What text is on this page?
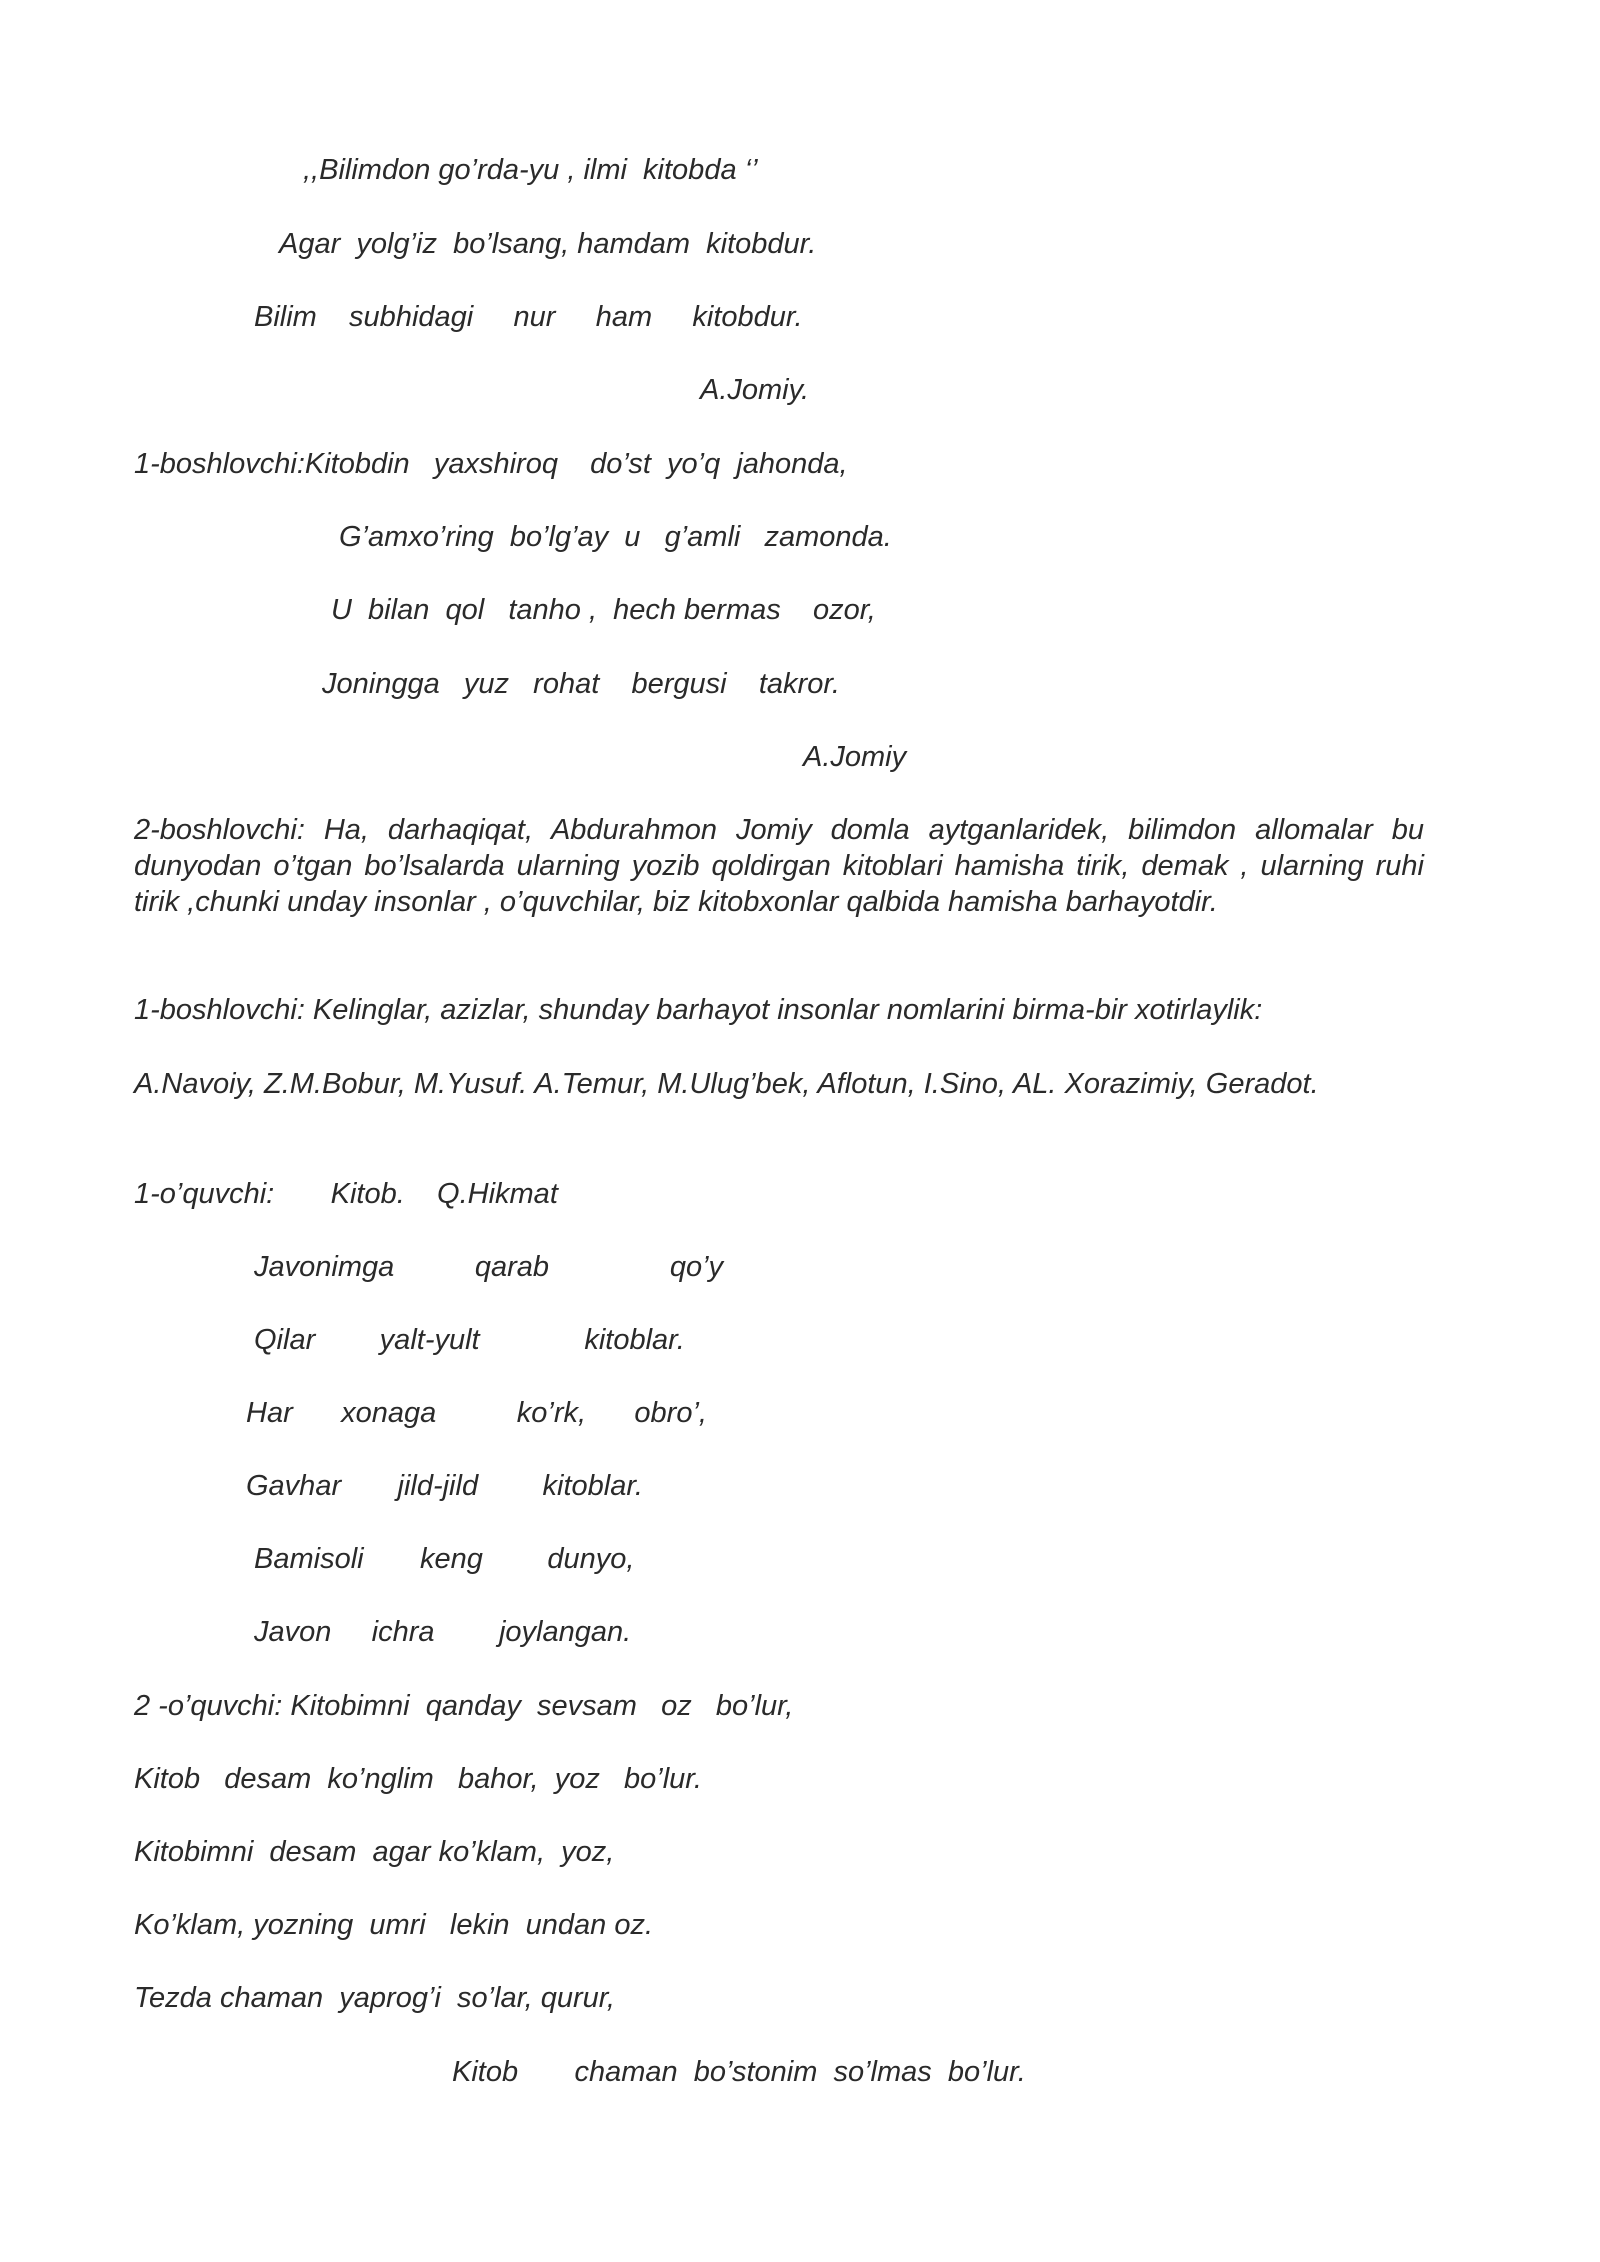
,,Bilimdon go’rda-yu , ilmi  kitobda ‘’
Agar  yolg’iz  bo’lsang, hamdam  kitobdur.
Bilim    subhidagi     nur     ham     kitobdur.
A.Jomiy.
1-boshlovchi:Kitobdin   yaxshiroq    do’st  yo’q  jahonda,
G’amxo’ring  bo’lg’ay  u   g’amli   zamonda.
U  bilan  qol   tanho ,  hech bermas    ozor,
Joningga   yuz   rohat    bergusi    takror.
A.Jomiy
2-boshlovchi: Ha, darhaqiqat, Abdurahmon Jomiy domla aytganlaridek, bilimdon allomalar bu dunyodan o’tgan bo’lsalarda ularning yozib qoldirgan kitoblari hamisha tirik, demak , ularning ruhi tirik ,chunki unday insonlar , o’quvchilar, biz kitobxonlar qalbida hamisha barhayotdir.
1-boshlovchi: Kelinglar, azizlar, shunday barhayot insonlar nomlarini birma-bir xotirlaylik:
A.Navoiy, Z.M.Bobur, M.Yusuf. A.Temur, M.Ulug’bek, Aflotun, I.Sino, AL. Xorazimiy, Geradot.
1-o’quvchi:       Kitob.    Q.Hikmat
Javonimga          qarab               qo’y
Qilar        yalt-yult             kitoblar.
Har      xonaga          ko’rk,      obro’,
Gavhar       jild-jild        kitoblar.
Bamisoli       keng        dunyo,
Javon     ichra        joylangan.
2 -o’quvchi: Kitobimni  qanday  sevsam   oz   bo’lur,
Kitob   desam  ko’nglim   bahor,  yoz   bo’lur.
Kitobimni  desam  agar ko’klam,  yoz,
Ko’klam, yozning  umri   lekin  undan oz.
Tezda chaman  yaprog’i  so’lar, qurur,
Kitob       chaman  bo’stonim  so’lmas  bo’lur.
